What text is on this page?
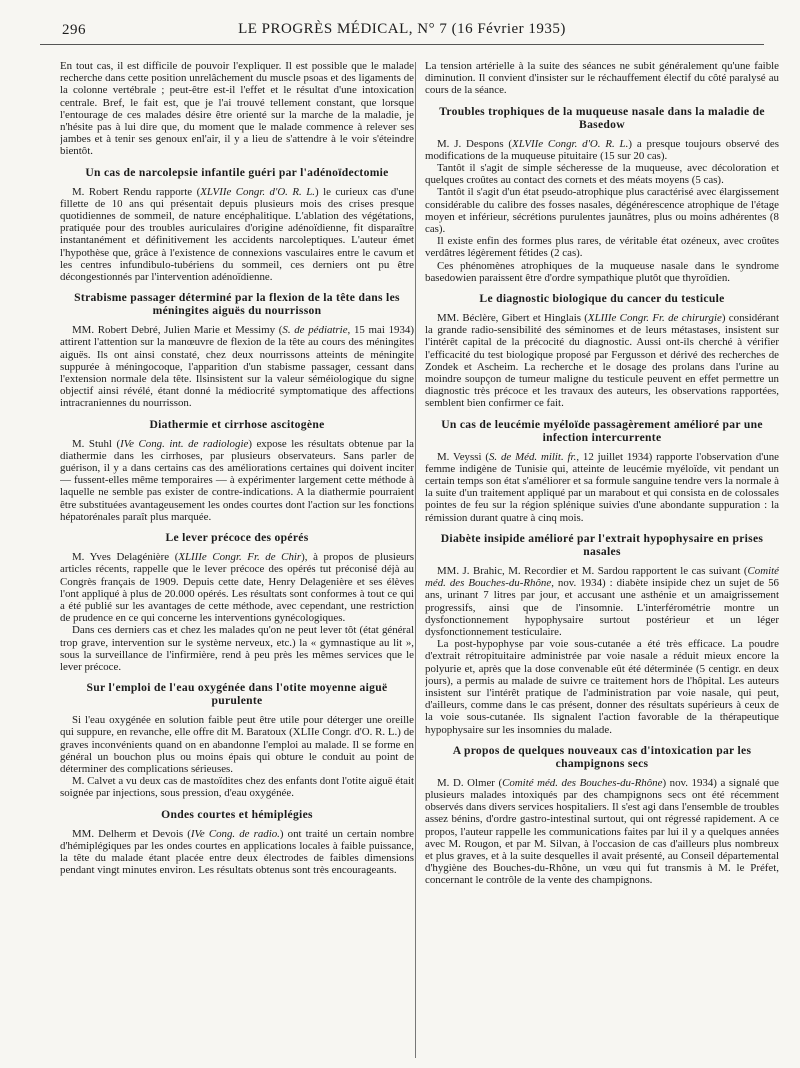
296	LE PROGRÈS MÉDICAL, N° 7 (16 Février 1935)

En tout cas, il est difficile de pouvoir l'expliquer. Il est possible que le malade recherche dans cette position unrelâchement du muscle psoas et des ligaments de la colonne vertébrale ; peut-être est-il l'effet et le résultat d'une intoxication centrale. Bref, le fait est, que je l'ai trouvé tellement constant, que lorsque l'entourage de ces malades désire être orienté sur la marche de la maladie, je n'hésite pas à lui dire que, du moment que le malade commence à relever ses jambes et à tenir ses genoux enl'air, il y a lieu de s'attendre à le voir s'éteindre bientôt.

Un cas de narcolepsie infantile guéri par l'adénoïdectomie

M. Robert Rendu rapporte (XLVIIe Congr. d'O. R. L.) le curieux cas d'une fillette de 10 ans qui présentait depuis plusieurs mois des crises presque quotidiennes de sommeil, de nature encéphalitique. L'ablation des végétations, pratiquée pour des troubles auriculaires d'origine adénoïdienne, fit disparaître instantanément et définitivement les accidents narcoleptiques. L'auteur émet l'hypothèse que, grâce à l'existence de connexions vasculaires entre le cavum et les centres infundibulo-tubériens du sommeil, ces derniers ont pu être décongestionnés par l'intervention adénoïdienne.

Strabisme passager déterminé par la flexion de la tête dans les méningites aiguës du nourrisson

MM. Robert Debré, Julien Marie et Messimy (S. de pédiatrie, 15 mai 1934) attirent l'attention sur la manœuvre de flexion de la tête au cours des méningites aiguës. Ils ont ainsi constaté, chez deux nourrissons atteints de méningite suppurée à méningocoque, l'apparition d'un stabisme passager, cessant dans l'extension normale dela tête. Ilsinsistent sur la valeur séméiologique du signe objectif ainsi révélé, étant donné la médiocrité symptomatique des affections intracraniennes du nourrisson.

Diathermie et cirrhose ascitogène

M. Stuhl (IVe Cong. int. de radiologie) expose les résultats obtenue par la diathermie dans les cirrhoses, par plusieurs observateurs. Sans parler de guérison, il y a dans certains cas des améliorations certaines qui doivent inciter — fussent-elles même temporaires — à expérimenter largement cette méthode à laquelle ne semble pas exister de contre-indications. A la diathermie pourraient être substituées avantageusement les ondes courtes dont l'action sur les fonctions hépatorénales paraît plus marquée.

Le lever précoce des opérés

M. Yves Delagénière (XLIIIe Congr. Fr. de Chir), à propos de plusieurs articles récents, rappelle que le lever précoce des opérés tut préconisé déjà au Congrès français de 1909. Depuis cette date, Henry Delagenière et ses élèves l'ont appliqué à plus de 20.000 opérés. Les résultats sont conformes à tout ce qui a été publié sur les avantages de cette méthode, avec cependant, une restriction de prudence en ce qui concerne les interventions gynécologiques.

Dans ces derniers cas et chez les malades qu'on ne peut lever tôt (état général trop grave, intervention sur le système nerveux, etc.) la « gymnastique au lit », sous la surveillance de l'infirmière, rend à peu près les mêmes services que le lever précoce.

Sur l'emploi de l'eau oxygénée dans l'otite moyenne aiguë purulente

Si l'eau oxygénée en solution faible peut être utile pour déterger une oreille qui suppure, en revanche, elle offre dit M. Baratoux (XLIIe Congr. d'O. R. L.) de graves inconvénients quand on en abandonne l'emploi au malade. Il se forme en général un bouchon plus ou moins épais qui obture le conduit au point de déterminer des complications sérieuses.

M. Calvet a vu deux cas de mastoïdites chez des enfants dont l'otite aiguë était soignée par injections, sous pression, d'eau oxygénée.

Ondes courtes et hémiplégies

MM. Delherm et Devois (IVe Cong. de radio.) ont traité un certain nombre d'hémiplégiques par les ondes courtes en applications locales à faible puissance, la tête du malade étant placée entre deux électrodes de faibles dimensions pendant vingt minutes environ. Les résultats obtenus sont très encourageants.

La tension artérielle à la suite des séances ne subit généralement qu'une faible diminution. Il convient d'insister sur le réchauffement électif du côté paralysé au cours de la séance.

Troubles trophiques de la muqueuse nasale dans la maladie de Basedow

M. J. Despons (XLVIIe Congr. d'O. R. L.) a presque toujours observé des modifications de la muqueuse pituitaire (15 sur 20 cas).

Tantôt il s'agit de simple sécheresse de la muqueuse, avec décoloration et quelques croûtes au contact des cornets et des méats moyens (5 cas).

Tantôt il s'agit d'un état pseudo-atrophique plus caractérisé avec élargissement considérable du calibre des fosses nasales, dégénérescence atrophique de l'étage moyen et inférieur, sécrétions purulentes jaunâtres, plus ou moins adhérentes (8 cas).

Il existe enfin des formes plus rares, de véritable état ozéneux, avec croûtes verdâtres légèrement fétides (2 cas).

Ces phénomènes atrophiques de la muqueuse nasale dans le syndrome basedowien paraissent être d'ordre sympathique plutôt que thyroïdien.

Le diagnostic biologique du cancer du testicule

MM. Béclère, Gibert et Hinglais (XLIIIe Congr. Fr. de chirurgie) considérant la grande radio-sensibilité des séminomes et de leurs métastases, insistent sur l'intérêt capital de la précocité du diagnostic. Aussi ont-ils cherché à vérifier l'efficacité du test biologique proposé par Fergusson et dérivé des recherches de Zondek et Ascheim. La recherche et le dosage des prolans dans l'urine au moindre soupçon de tumeur maligne du testicule peuvent en effet permettre un diagnostic très précoce et les travaux des auteurs, les observations rapportées, semblent bien confirmer ce fait.

Un cas de leucémie myéloïde passagèrement amélioré par une infection intercurrente

M. Veyssi (S. de Méd. milit. fr., 12 juillet 1934) rapporte l'observation d'une femme indigène de Tunisie qui, atteinte de leucémie myéloïde, vit pendant un certain temps son état s'améliorer et sa formule sanguine tendre vers la normale à la suite d'un traitement appliqué par un marabout et qui consista en de colossales pointes de feu sur la région splénique suivies d'une abondante suppuration : la rémission durant quatre à cinq mois.

Diabète insipide amélioré par l'extrait hypophysaire en prises nasales

MM. J. Brahic, M. Recordier et M. Sardou rapportent le cas suivant (Comité méd. des Bouches-du-Rhône, nov. 1934) : diabète insipide chez un sujet de 56 ans, urinant 7 litres par jour, et accusant une asthénie et un amaigrissement progressifs, ainsi que de l'insomnie. L'interférométrie montre un dysfonctionnement hypophysaire surtout postérieur et un léger dysfonctionnement testiculaire.

La post-hypophyse par voie sous-cutanée a été très efficace. La poudre d'extrait rétropituitaire administrée par voie nasale a réduit mieux encore la polyurie et, après que la dose convenable eût été déterminée (5 centigr. en deux jours), a permis au malade de suivre ce traitement hors de l'hôpital. Les auteurs insistent sur l'intérêt pratique de l'administration par voie nasale, qui peut, d'ailleurs, comme dans le cas présent, donner des résultats supérieurs à ceux de la voie sous-cutanée. Ils signalent l'action favorable de la thérapeutique hypophysaire sur les insomnies du malade.

A propos de quelques nouveaux cas d'intoxication par les champignons secs

M. D. Olmer (Comité méd. des Bouches-du-Rhône) nov. 1934) a signalé que plusieurs malades intoxiqués par des champignons secs ont été récemment observés dans divers services hospitaliers. Il s'est agi dans l'ensemble de troubles assez bénins, d'ordre gastro-intestinal surtout, qui ont régressé rapidement. A ce propos, l'auteur rappelle les communications faites par lui il y a quelques années avec M. Rougon, et par M. Silvan, à l'occasion de cas d'ailleurs plus nombreux et plus graves, et à la suite desquelles il avait présenté, au Conseil départemental d'hygiène des Bouches-du-Rhône, un vœu qui fut transmis à M. le Préfet, concernant le contrôle de la vente des champignons.
